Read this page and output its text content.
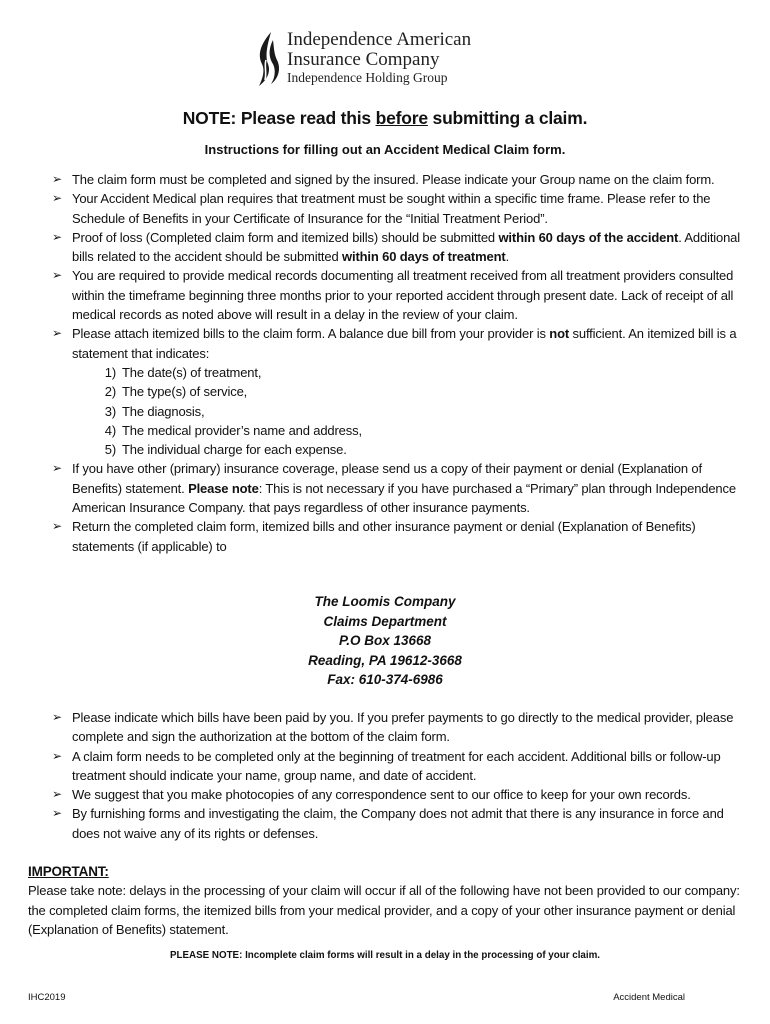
Independence American
Insurance Company
Independence Holding Group
NOTE: Please read this before submitting a claim.
Instructions for filling out an Accident Medical Claim form.
➢ The claim form must be completed and signed by the insured. Please indicate your Group name on the claim form.
➢ Your Accident Medical plan requires that treatment must be sought within a specific time frame. Please refer to the Schedule of Benefits in your Certificate of Insurance for the “Initial Treatment Period”.
➢ Proof of loss (Completed claim form and itemized bills) should be submitted within 60 days of the accident. Additional bills related to the accident should be submitted within 60 days of treatment.
➢ You are required to provide medical records documenting all treatment received from all treatment providers consulted within the timeframe beginning three months prior to your reported accident through present date. Lack of receipt of all medical records as noted above will result in a delay in the review of your claim.
➢ Please attach itemized bills to the claim form. A balance due bill from your provider is not sufficient. An itemized bill is a statement that indicates:
1) The date(s) of treatment,
2) The type(s) of service,
3) The diagnosis,
4) The medical provider’s name and address,
5) The individual charge for each expense.
➢ If you have other (primary) insurance coverage, please send us a copy of their payment or denial (Explanation of Benefits) statement. Please note: This is not necessary if you have purchased a “Primary” plan through Independence American Insurance Company. that pays regardless of other insurance payments.
➢ Return the completed claim form, itemized bills and other insurance payment or denial (Explanation of Benefits) statements (if applicable) to
The Loomis Company
Claims Department
P.O Box 13668
Reading, PA 19612-3668
Fax: 610-374-6986
➢ Please indicate which bills have been paid by you. If you prefer payments to go directly to the medical provider, please complete and sign the authorization at the bottom of the claim form.
➢ A claim form needs to be completed only at the beginning of treatment for each accident. Additional bills or follow-up treatment should indicate your name, group name, and date of accident.
➢ We suggest that you make photocopies of any correspondence sent to our office to keep for your own records.
➢ By furnishing forms and investigating the claim, the Company does not admit that there is any insurance in force and does not waive any of its rights or defenses.
IMPORTANT:
Please take note: delays in the processing of your claim will occur if all of the following have not been provided to our company: the completed claim forms, the itemized bills from your medical provider, and a copy of your other insurance payment or denial (Explanation of Benefits) statement.
PLEASE NOTE: Incomplete claim forms will result in a delay in the processing of your claim.
IHC2019	Accident Medical
